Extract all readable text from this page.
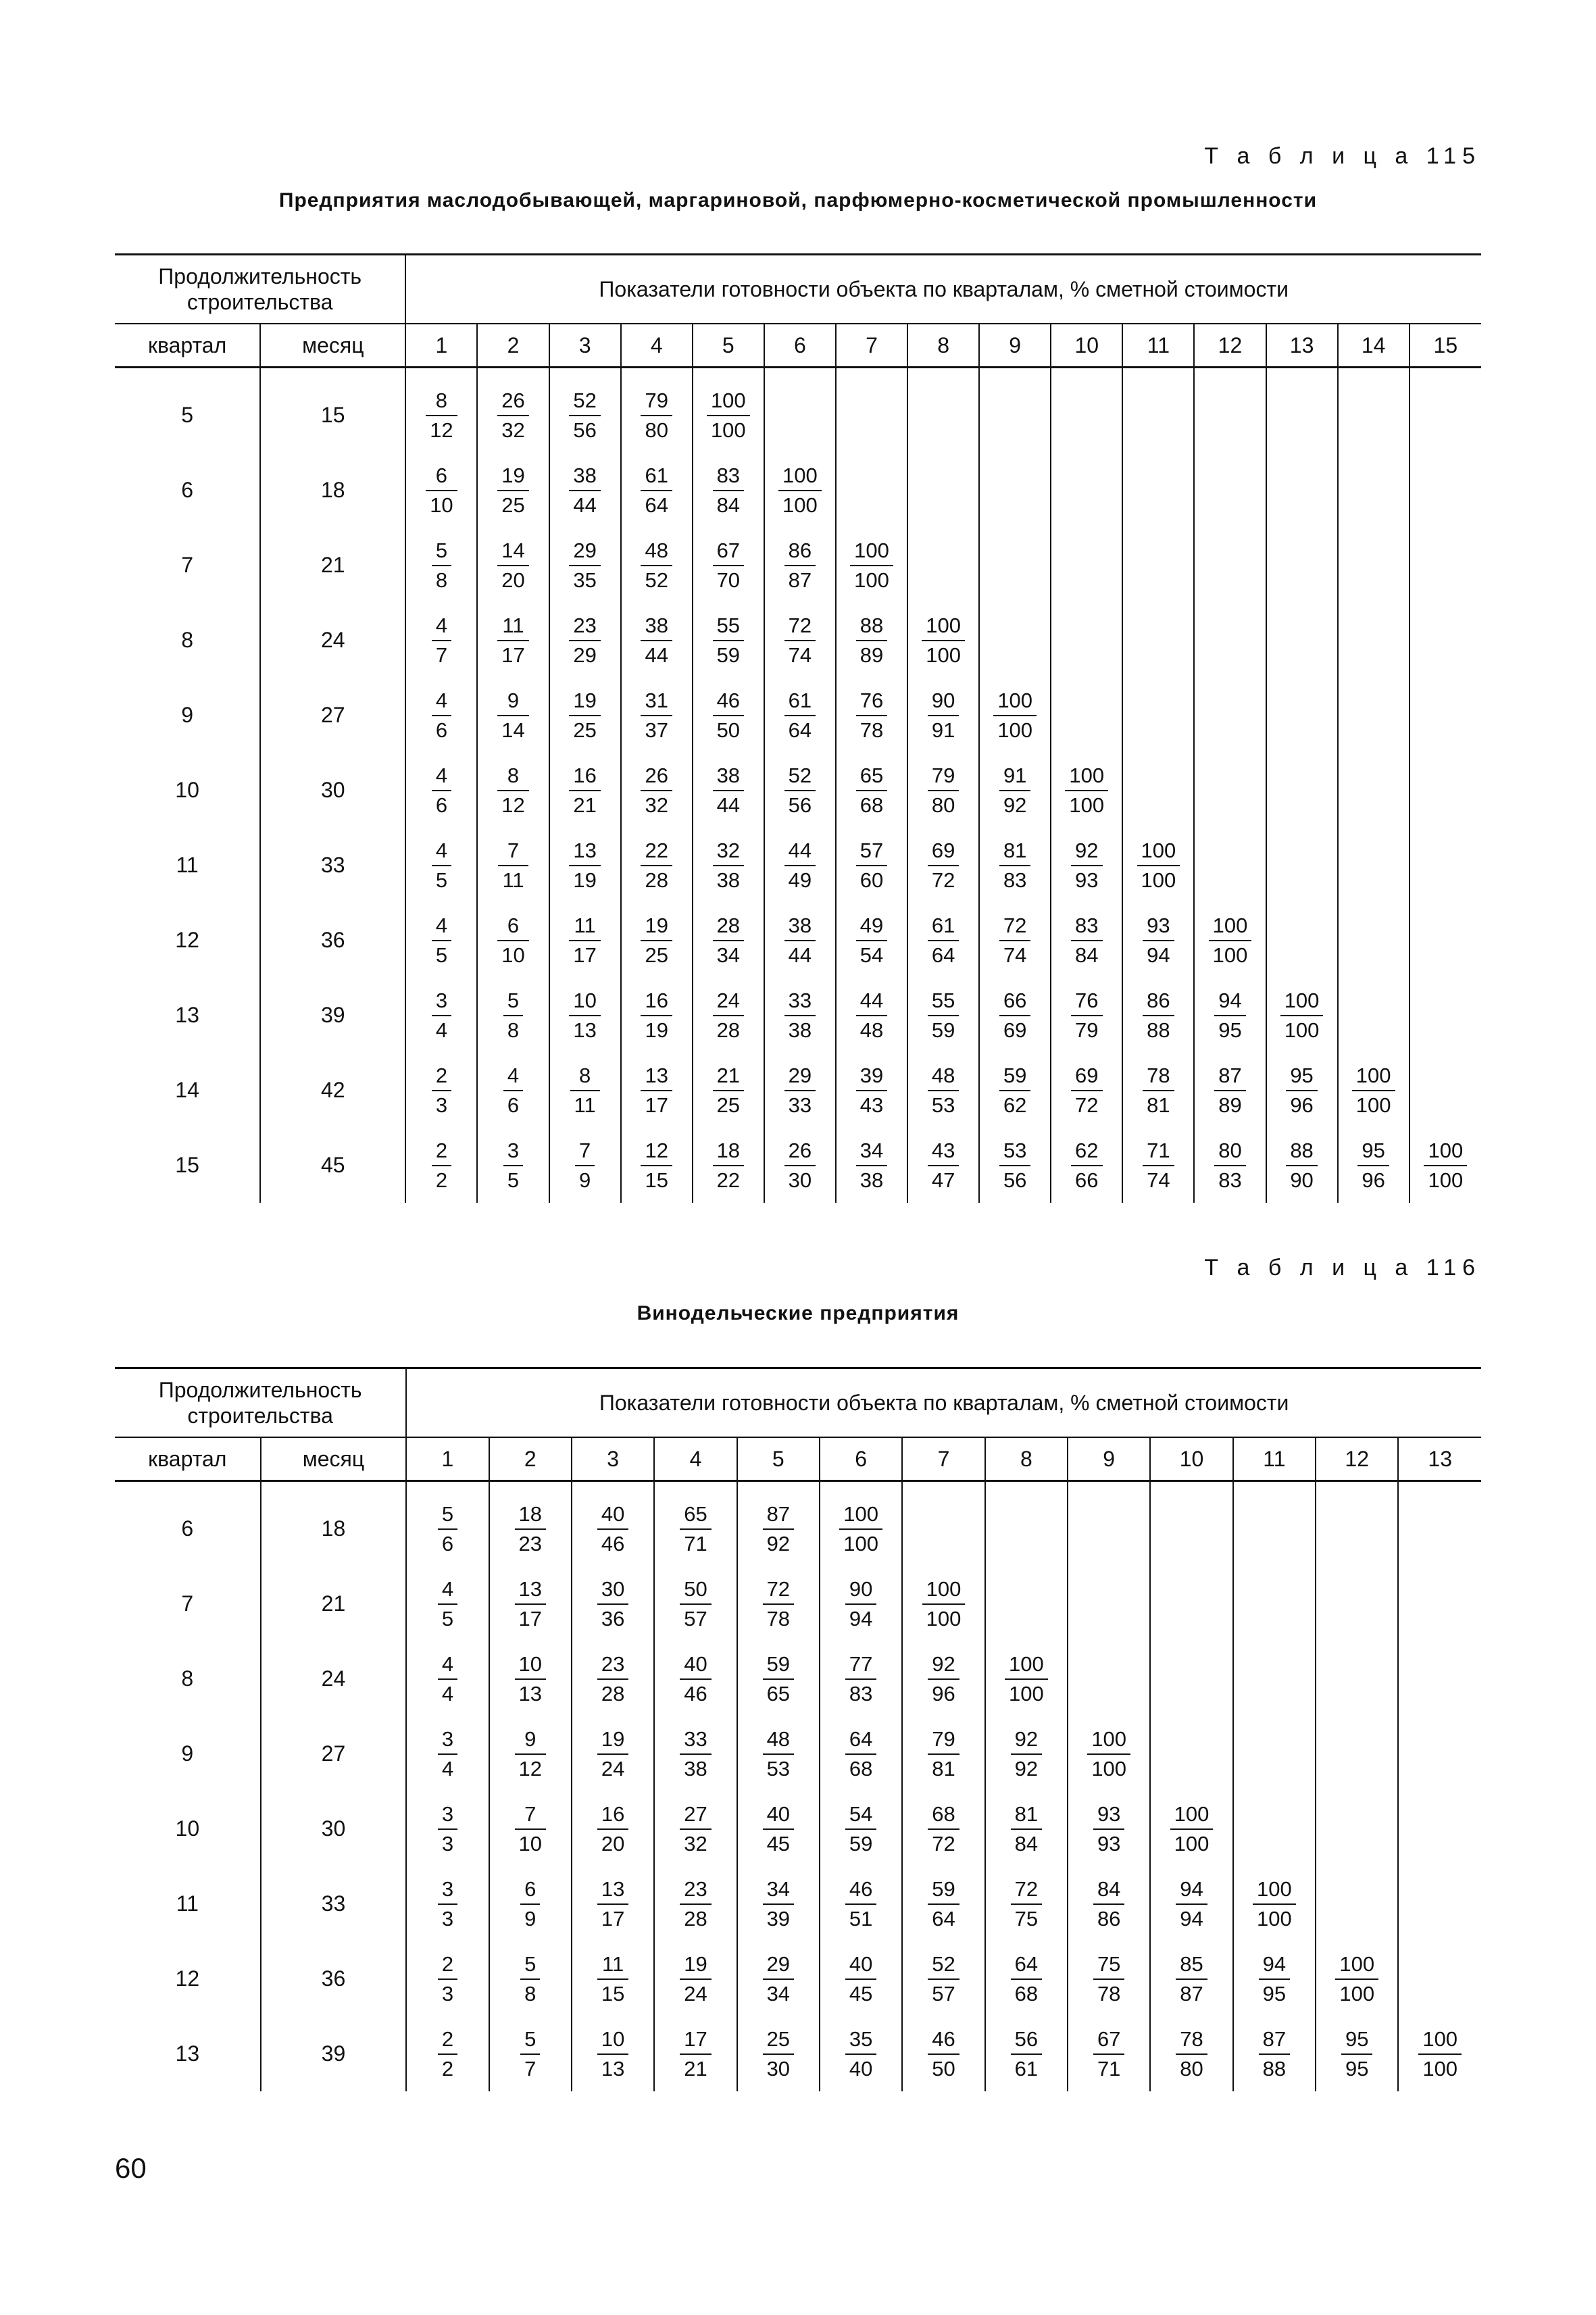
Т а б л и ц а 115
Предприятия маслодобывающей, маргариновой, парфюмерно-косметической промышленности
Продолжительность строительства		Показатели готовности объекта по кварталам, % сметной стоимости														
квартал	месяц	1	2	3	4	5	6	7	8	9	10	11	12	13	14	15

5	15	$\frac{8}{12}$	$\frac{26}{32}$	$\frac{52}{56}$	$\frac{79}{80}$	$\frac{100}{100}$

6	18	$\frac{6}{10}$	$\frac{19}{25}$	$\frac{38}{44}$	$\frac{61}{64}$	$\frac{83}{84}$	$\frac{100}{100}$

7	21	$\frac{5}{8}$	$\frac{14}{20}$	$\frac{29}{35}$	$\frac{48}{52}$	$\frac{67}{70}$	$\frac{86}{87}$	$\frac{100}{100}$

8	24	$\frac{4}{7}$	$\frac{11}{17}$	$\frac{23}{29}$	$\frac{38}{44}$	$\frac{55}{59}$	$\frac{72}{74}$	$\frac{88}{89}$	$\frac{100}{100}$

9	27	$\frac{4}{6}$	$\frac{9}{14}$	$\frac{19}{25}$	$\frac{31}{37}$	$\frac{46}{50}$	$\frac{61}{64}$	$\frac{76}{78}$	$\frac{90}{91}$	$\frac{100}{100}$

10	30	$\frac{4}{6}$	$\frac{8}{12}$	$\frac{16}{21}$	$\frac{26}{32}$	$\frac{38}{44}$	$\frac{52}{56}$	$\frac{65}{68}$	$\frac{79}{80}$	$\frac{91}{92}$	$\frac{100}{100}$

11	33	$\frac{4}{5}$	$\frac{7}{11}$	$\frac{13}{19}$	$\frac{22}{28}$	$\frac{32}{38}$	$\frac{44}{49}$	$\frac{57}{60}$	$\frac{69}{72}$	$\frac{81}{83}$	$\frac{92}{93}$	$\frac{100}{100}$

12	36	$\frac{4}{5}$	$\frac{6}{10}$	$\frac{11}{17}$	$\frac{19}{25}$	$\frac{28}{34}$	$\frac{38}{44}$	$\frac{49}{54}$	$\frac{61}{64}$	$\frac{72}{74}$	$\frac{83}{84}$	$\frac{93}{94}$	$\frac{100}{100}$

13	39	$\frac{3}{4}$	$\frac{5}{8}$	$\frac{10}{13}$	$\frac{16}{19}$	$\frac{24}{28}$	$\frac{33}{38}$	$\frac{44}{48}$	$\frac{55}{59}$	$\frac{66}{69}$	$\frac{76}{79}$	$\frac{86}{88}$	$\frac{94}{95}$	$\frac{100}{100}$

14	42	$\frac{2}{3}$	$\frac{4}{6}$	$\frac{8}{11}$	$\frac{13}{17}$	$\frac{21}{25}$	$\frac{29}{33}$	$\frac{39}{43}$	$\frac{48}{53}$	$\frac{59}{62}$	$\frac{69}{72}$	$\frac{78}{81}$	$\frac{87}{89}$	$\frac{95}{96}$	$\frac{100}{100}$

15	45	$\frac{2}{2}$	$\frac{3}{5}$	$\frac{7}{9}$	$\frac{12}{15}$	$\frac{18}{22}$	$\frac{26}{30}$	$\frac{34}{38}$	$\frac{43}{47}$	$\frac{53}{56}$	$\frac{62}{66}$	$\frac{71}{74}$	$\frac{80}{83}$	$\frac{88}{90}$	$\frac{95}{96}$	$\frac{100}{100}$
Т а б л и ц а 116
Винодельческие предприятия
Продолжительность строительства		Показатели готовности объекта по кварталам, % сметной стоимости												
квартал	месяц	1	2	3	4	5	6	7	8	9	10	11	12	13

6	18	$\frac{5}{6}$	$\frac{18}{23}$	$\frac{40}{46}$	$\frac{65}{71}$	$\frac{87}{92}$	$\frac{100}{100}$

7	21	$\frac{4}{5}$	$\frac{13}{17}$	$\frac{30}{36}$	$\frac{50}{57}$	$\frac{72}{78}$	$\frac{90}{94}$	$\frac{100}{100}$

8	24	$\frac{4}{4}$	$\frac{10}{13}$	$\frac{23}{28}$	$\frac{40}{46}$	$\frac{59}{65}$	$\frac{77}{83}$	$\frac{92}{96}$	$\frac{100}{100}$

9	27	$\frac{3}{4}$	$\frac{9}{12}$	$\frac{19}{24}$	$\frac{33}{38}$	$\frac{48}{53}$	$\frac{64}{68}$	$\frac{79}{81}$	$\frac{92}{92}$	$\frac{100}{100}$

10	30	$\frac{3}{3}$	$\frac{7}{10}$	$\frac{16}{20}$	$\frac{27}{32}$	$\frac{40}{45}$	$\frac{54}{59}$	$\frac{68}{72}$	$\frac{81}{84}$	$\frac{93}{93}$	$\frac{100}{100}$

11	33	$\frac{3}{3}$	$\frac{6}{9}$	$\frac{13}{17}$	$\frac{23}{28}$	$\frac{34}{39}$	$\frac{46}{51}$	$\frac{59}{64}$	$\frac{72}{75}$	$\frac{84}{86}$	$\frac{94}{94}$	$\frac{100}{100}$

12	36	$\frac{2}{3}$	$\frac{5}{8}$	$\frac{11}{15}$	$\frac{19}{24}$	$\frac{29}{34}$	$\frac{40}{45}$	$\frac{52}{57}$	$\frac{64}{68}$	$\frac{75}{78}$	$\frac{85}{87}$	$\frac{94}{95}$	$\frac{100}{100}$

13	39	$\frac{2}{2}$	$\frac{5}{7}$	$\frac{10}{13}$	$\frac{17}{21}$	$\frac{25}{30}$	$\frac{35}{40}$	$\frac{46}{50}$	$\frac{56}{61}$	$\frac{67}{71}$	$\frac{78}{80}$	$\frac{87}{88}$	$\frac{95}{95}$	$\frac{100}{100}$
60
